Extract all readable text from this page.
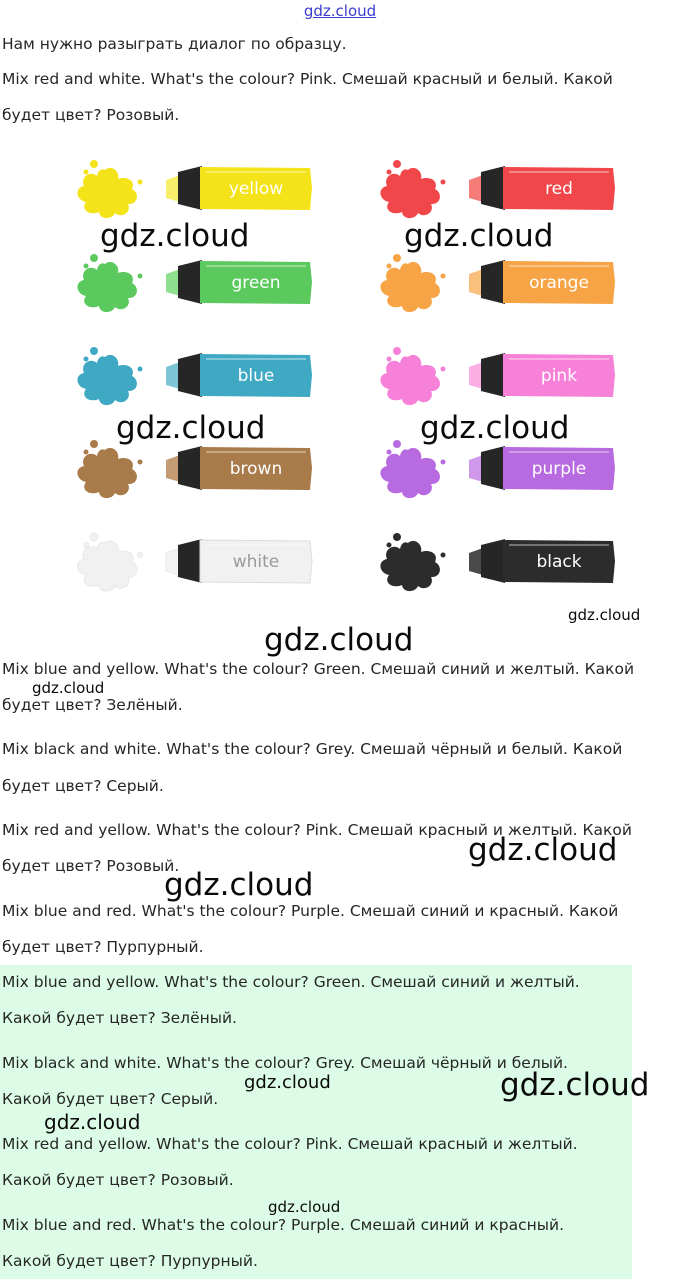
gdz.cloud
Нам нужно разыграть диалог по образцу.
Mix red and white. What's the colour? Pink. Смешай красный и белый. Какой
будет цвет? Розовый.
yellow	red
green	orange
blue	pink
brown	purple
white	black
gdz.cloud	gdz.cloud
gdz.cloud	gdz.cloud
gdz.cloud
gdz.cloud
Mix blue and yellow. What's the colour? Green. Смешай синий и желтый. Какой
будет цвет? Зелёный.
gdz.cloud
Mix black and white. What's the colour? Grey. Смешай чёрный и белый. Какой
будет цвет? Серый.
Mix red and yellow. What's the colour? Pink. Смешай красный и желтый. Какой
будет цвет? Розовый.	gdz.cloud
gdz.cloud
Mix blue and red. What's the colour? Purple. Смешай синий и красный. Какой
будет цвет? Пурпурный.
Mix blue and yellow. What's the colour? Green. Смешай синий и желтый.
Какой будет цвет? Зелёный.
Mix black and white. What's the colour? Grey. Смешай чёрный и белый.
Какой будет цвет? Серый.
Mix red and yellow. What's the colour? Pink. Смешай красный и желтый.
Какой будет цвет? Розовый.
Mix blue and red. What's the colour? Purple. Смешай синий и красный.
Какой будет цвет? Пурпурный.
gdz.cloud	gdz.cloud
gdz.cloud
gdz.cloud
